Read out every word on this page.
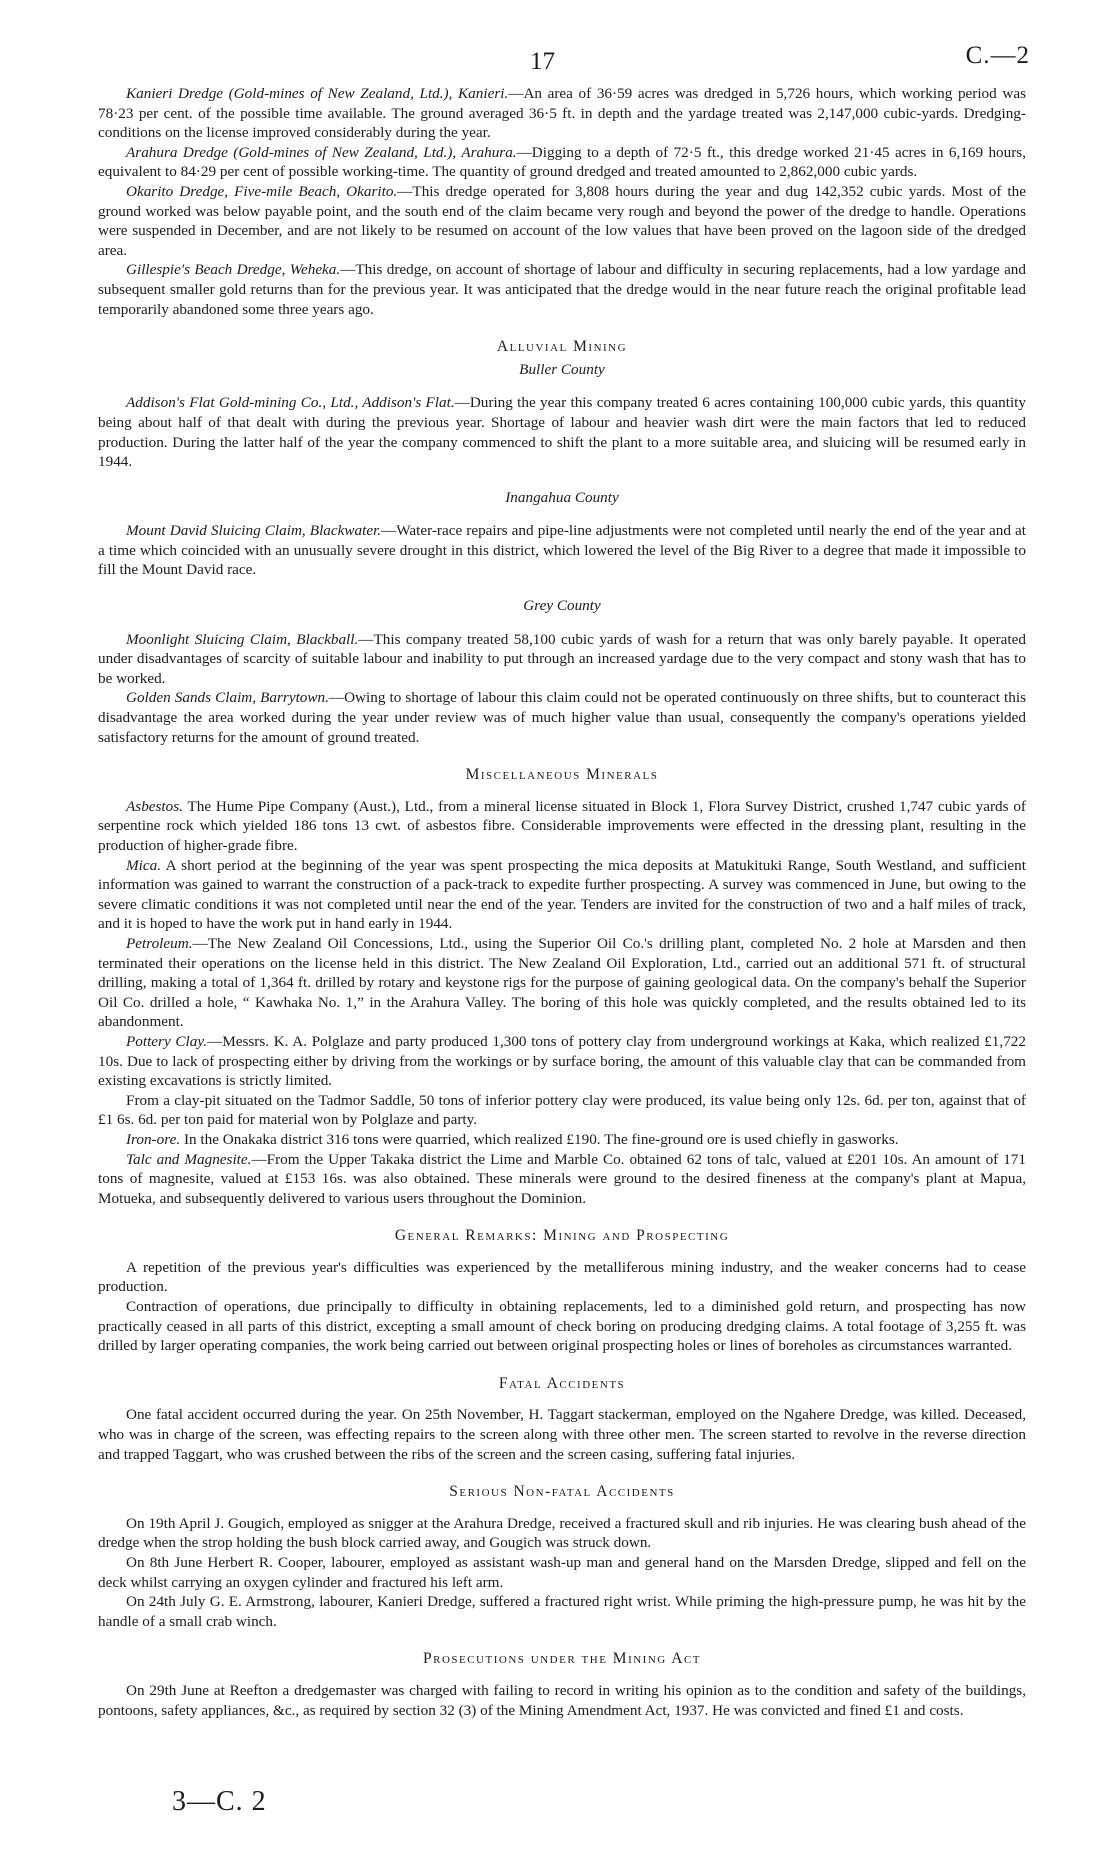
17	C.—2

Kanieri Dredge (Gold-mines of New Zealand, Ltd.), Kanieri.—An area of 36·59 acres was dredged in 5,726 hours, which working period was 78·23 per cent. of the possible time available. The ground averaged 36·5 ft. in depth and the yardage treated was 2,147,000 cubic-yards. Dredging-conditions on the license improved considerably during the year.

Arahura Dredge (Gold-mines of New Zealand, Ltd.), Arahura.—Digging to a depth of 72·5 ft., this dredge worked 21·45 acres in 6,169 hours, equivalent to 84·29 per cent of possible working-time. The quantity of ground dredged and treated amounted to 2,862,000 cubic yards.

Okarito Dredge, Five-mile Beach, Okarito.—This dredge operated for 3,808 hours during the year and dug 142,352 cubic yards. Most of the ground worked was below payable point, and the south end of the claim became very rough and beyond the power of the dredge to handle. Operations were suspended in December, and are not likely to be resumed on account of the low values that have been proved on the lagoon side of the dredged area.

Gillespie's Beach Dredge, Weheka.—This dredge, on account of shortage of labour and difficulty in securing replacements, had a low yardage and subsequent smaller gold returns than for the previous year. It was anticipated that the dredge would in the near future reach the original profitable lead temporarily abandoned some three years ago.

Alluvial Mining
Buller County

Addison's Flat Gold-mining Co., Ltd., Addison's Flat.—During the year this company treated 6 acres containing 100,000 cubic yards, this quantity being about half of that dealt with during the previous year. Shortage of labour and heavier wash dirt were the main factors that led to reduced production. During the latter half of the year the company commenced to shift the plant to a more suitable area, and sluicing will be resumed early in 1944.

Inangahua County

Mount David Sluicing Claim, Blackwater.—Water-race repairs and pipe-line adjustments were not completed until nearly the end of the year and at a time which coincided with an unusually severe drought in this district, which lowered the level of the Big River to a degree that made it impossible to fill the Mount David race.

Grey County

Moonlight Sluicing Claim, Blackball.—This company treated 58,100 cubic yards of wash for a return that was only barely payable. It operated under disadvantages of scarcity of suitable labour and inability to put through an increased yardage due to the very compact and stony wash that has to be worked.

Golden Sands Claim, Barrytown.—Owing to shortage of labour this claim could not be operated continuously on three shifts, but to counteract this disadvantage the area worked during the year under review was of much higher value than usual, consequently the company's operations yielded satisfactory returns for the amount of ground treated.

Miscellaneous Minerals

Asbestos. The Hume Pipe Company (Aust.), Ltd., from a mineral license situated in Block 1, Flora Survey District, crushed 1,747 cubic yards of serpentine rock which yielded 186 tons 13 cwt. of asbestos fibre. Considerable improvements were effected in the dressing plant, resulting in the production of higher-grade fibre.

Mica. A short period at the beginning of the year was spent prospecting the mica deposits at Matukituki Range, South Westland, and sufficient information was gained to warrant the construction of a pack-track to expedite further prospecting. A survey was commenced in June, but owing to the severe climatic conditions it was not completed until near the end of the year. Tenders are invited for the construction of two and a half miles of track, and it is hoped to have the work put in hand early in 1944.

Petroleum.—The New Zealand Oil Concessions, Ltd., using the Superior Oil Co.'s drilling plant, completed No. 2 hole at Marsden and then terminated their operations on the license held in this district. The New Zealand Oil Exploration, Ltd., carried out an additional 571 ft. of structural drilling, making a total of 1,364 ft. drilled by rotary and keystone rigs for the purpose of gaining geological data. On the company's behalf the Superior Oil Co. drilled a hole, “ Kawhaka No. 1,” in the Arahura Valley. The boring of this hole was quickly completed, and the results obtained led to its abandonment.

Pottery Clay.—Messrs. K. A. Polglaze and party produced 1,300 tons of pottery clay from underground workings at Kaka, which realized £1,722 10s. Due to lack of prospecting either by driving from the workings or by surface boring, the amount of this valuable clay that can be commanded from existing excavations is strictly limited.

From a clay-pit situated on the Tadmor Saddle, 50 tons of inferior pottery clay were produced, its value being only 12s. 6d. per ton, against that of £1 6s. 6d. per ton paid for material won by Polglaze and party.

Iron-ore. In the Onakaka district 316 tons were quarried, which realized £190. The fine-ground ore is used chiefly in gasworks.

Talc and Magnesite.—From the Upper Takaka district the Lime and Marble Co. obtained 62 tons of talc, valued at £201 10s. An amount of 171 tons of magnesite, valued at £153 16s. was also obtained. These minerals were ground to the desired fineness at the company's plant at Mapua, Motueka, and subsequently delivered to various users throughout the Dominion.

General Remarks: Mining and Prospecting

A repetition of the previous year's difficulties was experienced by the metalliferous mining industry, and the weaker concerns had to cease production.

Contraction of operations, due principally to difficulty in obtaining replacements, led to a diminished gold return, and prospecting has now practically ceased in all parts of this district, excepting a small amount of check boring on producing dredging claims. A total footage of 3,255 ft. was drilled by larger operating companies, the work being carried out between original prospecting holes or lines of boreholes as circumstances warranted.

Fatal Accidents

One fatal accident occurred during the year. On 25th November, H. Taggart stackerman, employed on the Ngahere Dredge, was killed. Deceased, who was in charge of the screen, was effecting repairs to the screen along with three other men. The screen started to revolve in the reverse direction and trapped Taggart, who was crushed between the ribs of the screen and the screen casing, suffering fatal injuries.

Serious Non-fatal Accidents

On 19th April J. Gougich, employed as snigger at the Arahura Dredge, received a fractured skull and rib injuries. He was clearing bush ahead of the dredge when the strop holding the bush block carried away, and Gougich was struck down.

On 8th June Herbert R. Cooper, labourer, employed as assistant wash-up man and general hand on the Marsden Dredge, slipped and fell on the deck whilst carrying an oxygen cylinder and fractured his left arm.

On 24th July G. E. Armstrong, labourer, Kanieri Dredge, suffered a fractured right wrist. While priming the high-pressure pump, he was hit by the handle of a small crab winch.

Prosecutions under the Mining Act

On 29th June at Reefton a dredgemaster was charged with failing to record in writing his opinion as to the condition and safety of the buildings, pontoons, safety appliances, &c., as required by section 32 (3) of the Mining Amendment Act, 1937. He was convicted and fined £1 and costs.

3—C. 2
